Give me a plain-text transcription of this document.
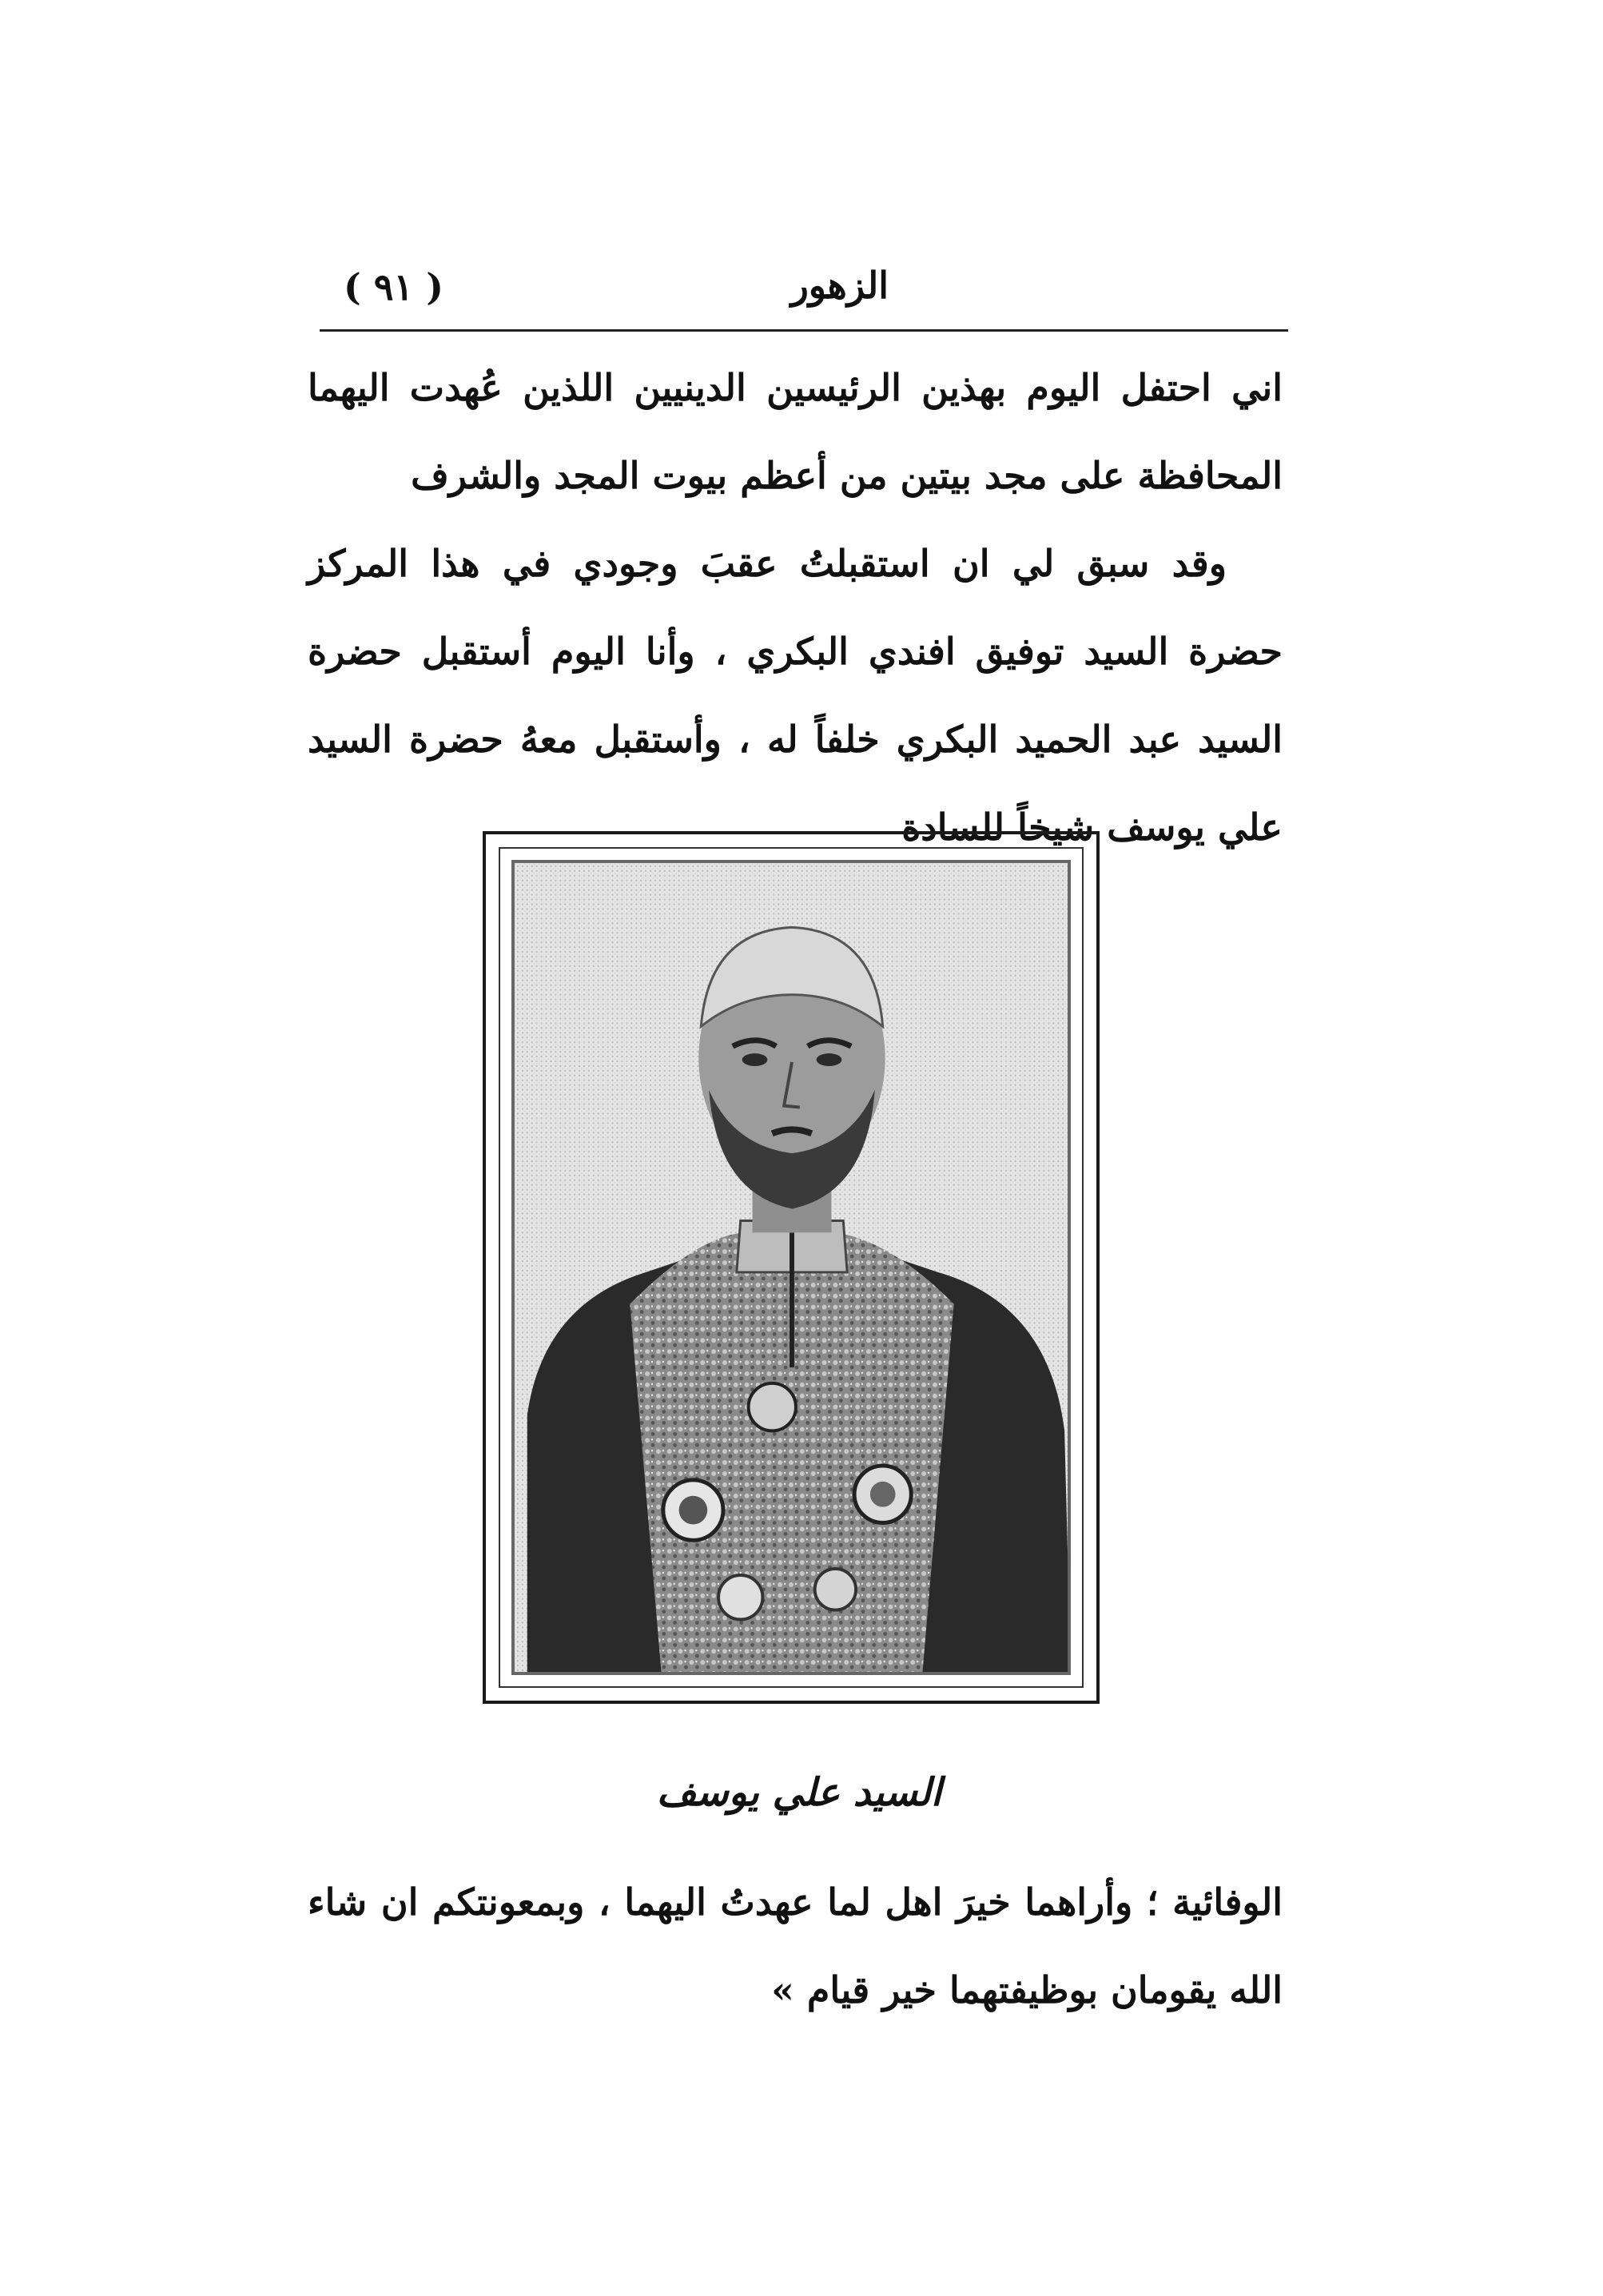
الزهور
( ٩١ )
اني احتفل اليوم بهذين الرئيسين الدينيين اللذين عُهدت اليهما المحافظة على مجد بيتين من أعظم بيوت المجد والشرف
وقد سبق لي ان استقبلتُ عقبَ وجودي في هذا المركز حضرة السيد توفيق افندي البكري ، وأنا اليوم أستقبل حضرة السيد عبد الحميد البكري خلفاً له ، وأستقبل معهُ حضرة السيد علي يوسف شيخاً للسادة
السيد علي يوسف
الوفائية ؛ وأراهما خيرَ اهل لما عهدتُ اليهما ، وبمعونتكم ان شاء الله يقومان بوظيفتهما خير قيام »
